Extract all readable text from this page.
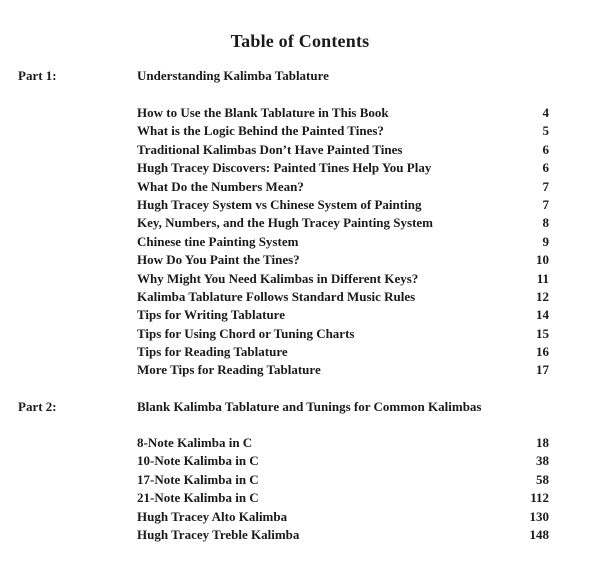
Table of Contents
Part 1:	Understanding Kalimba Tablature
How to Use the Blank Tablature in This Book	4
What is the Logic Behind the Painted Tines?	5
Traditional Kalimbas Don’t Have Painted Tines	6
Hugh Tracey Discovers: Painted Tines Help You Play	6
What Do the Numbers Mean?	7
Hugh Tracey System vs Chinese System of Painting	7
Key, Numbers, and the Hugh Tracey Painting System	8
Chinese tine Painting System	9
How Do You Paint the Tines?	10
Why Might You Need Kalimbas in Different Keys?	11
Kalimba Tablature Follows Standard Music Rules	12
Tips for Writing Tablature	14
Tips for Using Chord or Tuning Charts	15
Tips for Reading Tablature	16
More Tips for Reading Tablature	17
Part 2:	Blank Kalimba Tablature and Tunings for Common Kalimbas
8-Note Kalimba in C	18
10-Note Kalimba in C	38
17-Note Kalimba in C	58
21-Note Kalimba in C	112
Hugh Tracey Alto Kalimba	130
Hugh Tracey Treble Kalimba	148
